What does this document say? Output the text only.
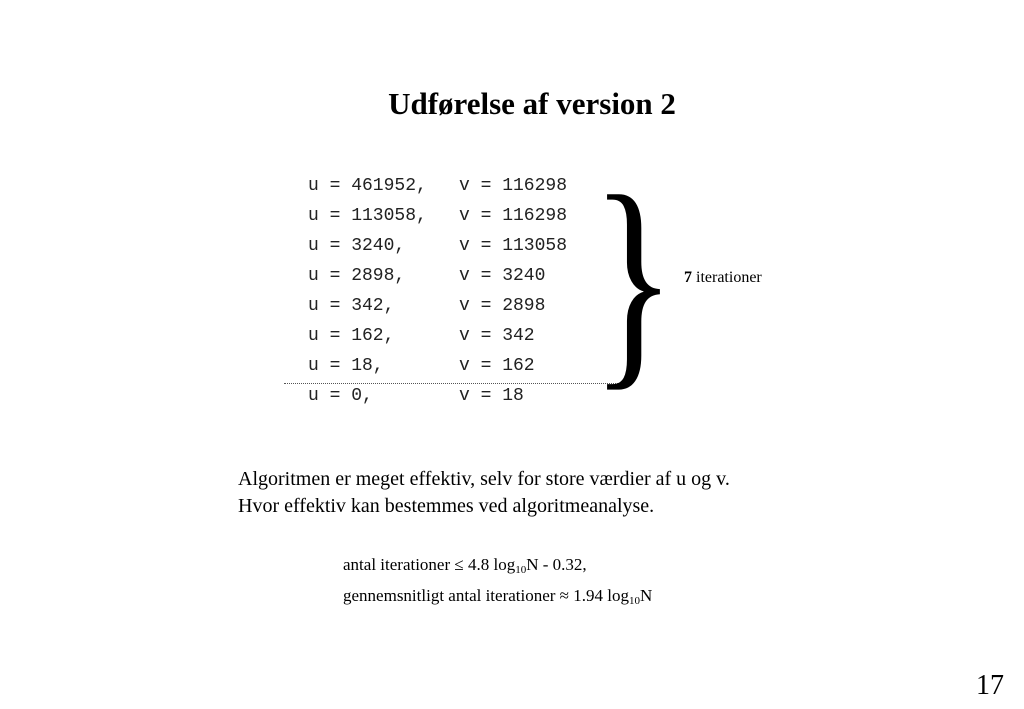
Udførelse af version 2
u = 461952, v = 116298
u = 113058, v = 116298
u = 3240,	v = 113058
u = 2898,	v = 3240
u = 342,	v = 2898
u = 162,	v = 342
u = 18,	v = 162
u = 0,	v = 18 } 7 iterationer
Algoritmen er meget effektiv, selv for store værdier af u og v.
Hvor effektiv kan bestemmes ved algoritmeanalyse.
antal iterationer ≤ 4.8 $\log_{10}N - 0.32$,
gennemsnitligt antal iterationer ≈ 1.94 $\log_{10}N$
17
